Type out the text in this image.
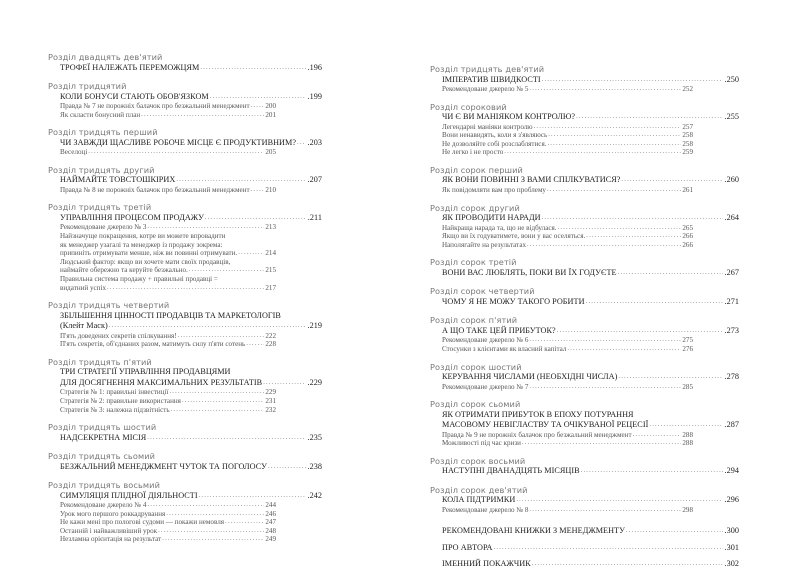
Розділ двадцять дев'ятий
ТРОФЕЇ НАЛЕЖАТЬ ПЕРЕМОЖЦЯМ .....	.196
Розділ тридцятий
КОЛИ БОНУСИ СТАЮТЬ ОБОВ'ЯЗКОМ .....	.199
Правда № 7 не порожніх балачок про безжальний менеджмент ..... 200
Як скласти бонусний план .....	201
Розділ тридцять перший
ЧИ ЗАВЖДИ ЩАСЛИВЕ РОБОЧЕ МІСЦЕ Є ПРОДУКТИВНИМ? ..... .203
Веселоці .....	205
Розділ тридцять другий
НАЙМАЙТЕ ТОВСТОШКІРИХ .....	.207
Правда № 8 не порожніх балачок про безжальний менеджмент ..... 210
Розділ тридцять третій
УПРАВЛІННЯ ПРОЦЕСОМ ПРОДАЖУ .....	.211
Рекомендоване джерело № 3 .....	213
Найзначуще покращення, котре ви можете впровадити
як менеджер узагалі та менеджер із продажу зокрема:
припиніть отримувати менше, ніж ви повинні отримувати. .....	214
Людський фактор: якщо ви хочете мати своїх продавців,
наймайте обережно та керуйте безжально. .....	215
Правильна система продажу + правильні продавці =
видатний успіх .....	217
Розділ тридцять четвертий
ЗБІЛЬШЕННЯ ЦІННОСТІ ПРОДАВЦІВ ТА МАРКЕТОЛОГІВ
(Клейт Маск) .....	.219
П'ять доведених секретів спілкування! .....	222
П'ять секретів, об'єднаних разом, матимуть силу п'яти сотень .....	228
Розділ тридцять п'ятий
ТРИ СТРАТЕГІЇ УПРАВЛІННЯ ПРОДАВЦЯМИ
ДЛЯ ДОСЯГНЕННЯ МАКСИМАЛЬНИХ РЕЗУЛЬТАТІВ .....	.229
Стратегія № 1: правильні інвестиції .....	229
Стратегія № 2: правильне використання .....	231
Стратегія № 3: належна підзвітність .....	232
Розділ тридцять шостий
НАДСЕКРЕТНА МІСІЯ .....	.235
Розділ тридцять сьомий
БЕЗЖАЛЬНИЙ МЕНЕДЖМЕНТ ЧУТОК ТА ПОГОЛОСУ .....	.238
Розділ тридцять восьмий
СИМУЛЯЦІЯ ПЛІДНОЇ ДІЯЛЬНОСТІ .....	.242
Рекомендоване джерело № 4 .....	244
Урок мого першого роккадрування .....	246
Не кажи мені про пологові судоми — покажи немовля .....	247
Останній і найважливіший урок .....	248
Незламна орієнтація на результат .....	249
Розділ тридцять дев'ятий
ІМПЕРАТИВ ШВИДКОСТІ .....	.250
Рекомендоване джерело № 5 .....	252
Розділ сороковий
ЧИ Є ВИ МАНІЯКОМ КОНТРОЛЮ? .....	.255
Легендарні маніяки контролю .....	257
Вони ненавидять, коли я з'являюсь .....	258
Не дозволяйте собі розслаблятися. .....	258
Не легко і не просто .....	259
Розділ сорок перший
ЯК ВОНИ ПОВИННІ З ВАМИ СПІЛКУВАТИСЯ? .....	.260
Як повідомляти вам про проблему .....	261
Розділ сорок другий
ЯК ПРОВОДИТИ НАРАДИ .....	.264
Найкраща нарада та, що не відбулася. .....	265
Якщо ви їх годуватимете, вони у вас оселяться. .....	266
Наполягайте на результатах .....	266
Розділ сорок третій
ВОНИ ВАС ЛЮБЛЯТЬ, ПОКИ ВИ ЇХ ГОДУЄТЕ .....	.267
Розділ сорок четвертий
ЧОМУ Я НЕ МОЖУ ТАКОГО РОБИТИ .....	.271
Розділ сорок п'ятий
А ЩО ТАКЕ ЦЕЙ ПРИБУТОК? .....	.273
Рекомендоване джерело № 6 .....	275
Стосунки з клієнтами як власний капітал .....	276
Розділ сорок шостий
КЕРУВАННЯ ЧИСЛАМИ (НЕОБХІДНІ ЧИСЛА) .....	.278
Рекомендоване джерело № 7 .....	285
Розділ сорок сьомий
ЯК ОТРИМАТИ ПРИБУТОК В ЕПОХУ ПОТУРАННЯ
МАСОВОМУ НЕВІГЛАСТВУ ТА ОЧІКУВАНОЇ РЕЦЕСІЇ .....	.287
Правда № 9 не порожніх балачок про безжальний менеджмент .....	288
Можливості під час кризи .....	288
Розділ сорок восьмий
НАСТУПНІ ДВАНАДЦЯТЬ МІСЯЦІВ .....	.294
Розділ сорок дев'ятий
КОЛА ПІДТРИМКИ .....	.296
Рекомендоване джерело № 8 .....	298
РЕКОМЕНДОВАНІ КНИЖКИ З МЕНЕДЖМЕНТУ .....	.300
ПРО АВТОРА .....	.301
ІМЕННИЙ ПОКАЖЧИК .....	.302
